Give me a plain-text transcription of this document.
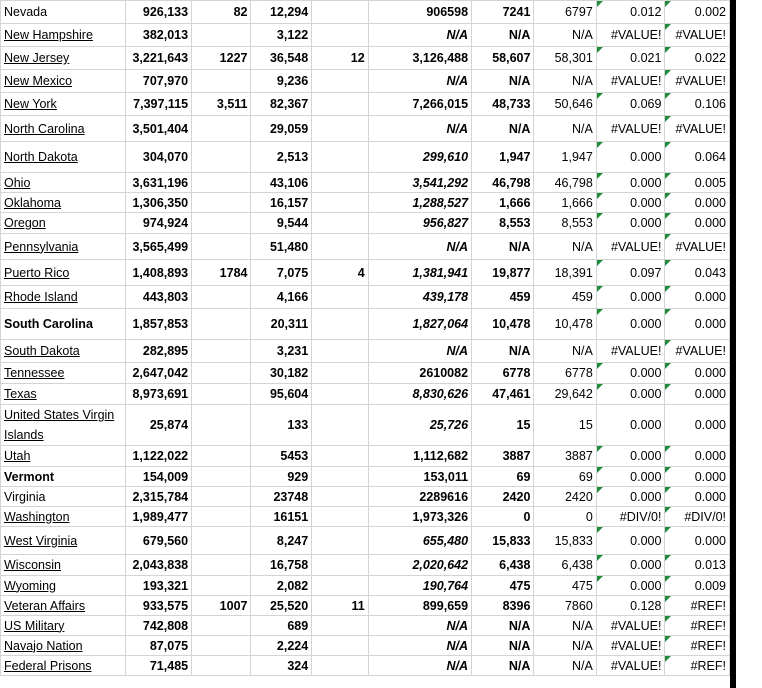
Nevada	926,133	82	12,294		906598	7241	6797	0.012	0.002
New Hampshire	382,013		3,122		N/A	N/A	N/A	#VALUE!	#VALUE!
New Jersey	3,221,643	1227	36,548	12	3,126,488	58,607	58,301	0.021	0.022
New Mexico	707,970		9,236		N/A	N/A	N/A	#VALUE!	#VALUE!
New York	7,397,115	3,511	82,367		7,266,015	48,733	50,646	0.069	0.106
North Carolina	3,501,404		29,059		N/A	N/A	N/A	#VALUE!	#VALUE!
North Dakota	304,070		2,513		299,610	1,947	1,947	0.000	0.064
Ohio	3,631,196		43,106		3,541,292	46,798	46,798	0.000	0.005
Oklahoma	1,306,350		16,157		1,288,527	1,666	1,666	0.000	0.000
Oregon	974,924		9,544		956,827	8,553	8,553	0.000	0.000
Pennsylvania	3,565,499		51,480		N/A	N/A	N/A	#VALUE!	#VALUE!
Puerto Rico	1,408,893	1784	7,075	4	1,381,941	19,877	18,391	0.097	0.043
Rhode Island	443,803		4,166		439,178	459	459	0.000	0.000
South Carolina	1,857,853		20,311		1,827,064	10,478	10,478	0.000	0.000
South Dakota	282,895		3,231		N/A	N/A	N/A	#VALUE!	#VALUE!
Tennessee	2,647,042		30,182		2610082	6778	6778	0.000	0.000
Texas	8,973,691		95,604		8,830,626	47,461	29,642	0.000	0.000
United States Virgin Islands	25,874		133		25,726	15	15	0.000	0.000
Utah	1,122,022		5453		1,112,682	3887	3887	0.000	0.000
Vermont	154,009		929		153,011	69	69	0.000	0.000
Virginia	2,315,784		23748		2289616	2420	2420	0.000	0.000
Washington	1,989,477		16151		1,973,326	0	0	#DIV/0!	#DIV/0!
West Virginia	679,560		8,247		655,480	15,833	15,833	0.000	0.000
Wisconsin	2,043,838		16,758		2,020,642	6,438	6,438	0.000	0.013
Wyoming	193,321		2,082		190,764	475	475	0.000	0.009
Veteran Affairs	933,575	1007	25,520	11	899,659	8396	7860	0.128	#REF!
US Military	742,808		689		N/A	N/A	N/A	#VALUE!	#REF!
Navajo Nation	87,075		2,224		N/A	N/A	N/A	#VALUE!	#REF!
Federal Prisons	71,485		324		N/A	N/A	N/A	#VALUE!	#REF!
